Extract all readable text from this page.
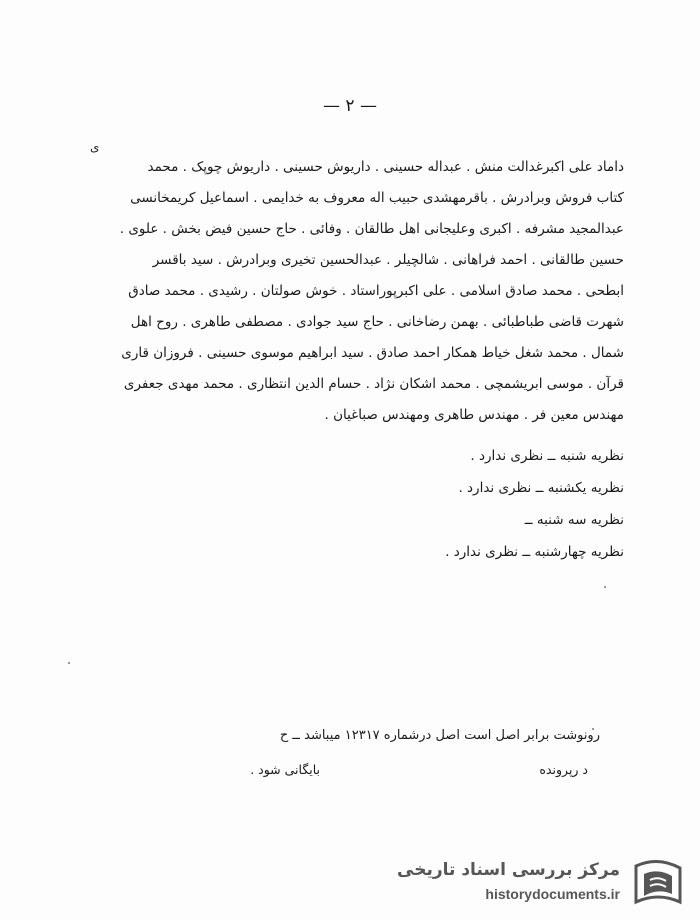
— ۲ —
ی
داماد علی اکبرغدالت منش . عبداله حسینی . داریوش حسینی . داریوش چوپک . محمد
کتاب فروش وبرادرش . باقرمهشدی حبیب اله معروف به خدایمی . اسماعیل کریمخانسی
عبدالمجید مشرفه . اکبری وعلیجانی اهل طالقان . وفائی . حاج حسین فیض بخش . علوی .
حسین طالقانی . احمد فراهانی . شالچیلر . عبدالحسین تخیری وبرادرش . سید باقسر
ابطحی . محمد صادق اسلامی . علی اکبرپوراستاد . خوش صولتان . رشیدی . محمد صادق
شهرت قاضی طباطبائی . بهمن رضاخانی . حاج سید جوادی . مصطفی طاهری . روح اهل
شمال . محمد شغل خیاط همکار احمد صادق . سید ابراهیم موسوی حسینی . فروزان قاری
قرآن . موسی ابریشمچی . محمد اشکان نژاد . حسام الدین انتظاری . محمد مهدی جعفری
مهندس معین فر . مهندس طاهری ومهندس صباغیان .
نظریه شنبه ــ نظری ندارد .
نظریه یکشنبه ــ نظری ندارد .
نظریه سه شنبه ــ
نظریه چهارشنبه ــ نظری ندارد .
رونوشت برابر اصل است اصل درشماره ۱۲۳۱۷ میباشد ــ ح
د رپرونده
بایگانی شود .
مرکز بررسی اسناد تاریخی
historydocuments.ir
